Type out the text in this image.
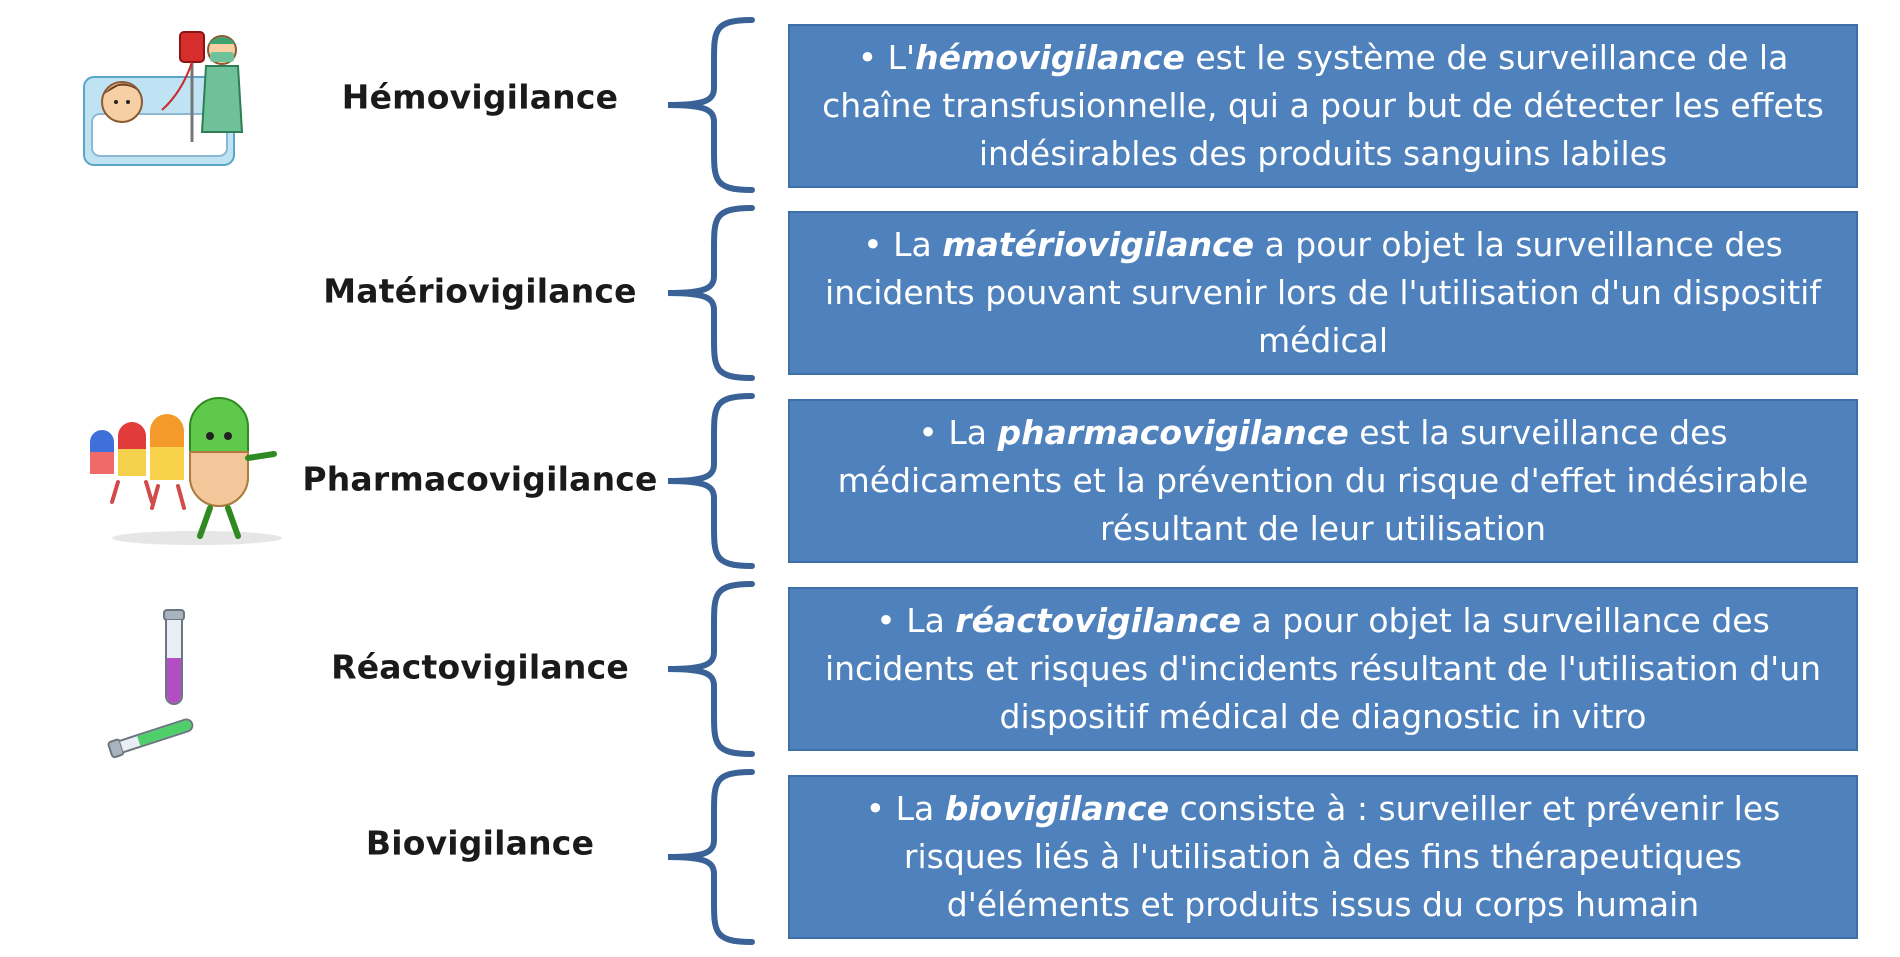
Hémovigilance
• L'hémovigilance est le système de surveillance de la chaîne transfusionnelle, qui a pour but de détecter les effets indésirables des produits sanguins labiles
Matériovigilance
• La matériovigilance a pour objet la surveillance des incidents pouvant survenir lors de l'utilisation d'un dispositif médical
Pharmacovigilance
• La pharmacovigilance est la surveillance des médicaments et la prévention du risque d'effet indésirable résultant de leur utilisation
Réactovigilance
• La réactovigilance a pour objet la surveillance des incidents et risques d'incidents résultant de l'utilisation d'un dispositif médical de diagnostic in vitro
Biovigilance
• La biovigilance consiste à : surveiller et prévenir les risques liés à l'utilisation à des fins thérapeutiques d'éléments et produits issus du corps humain
